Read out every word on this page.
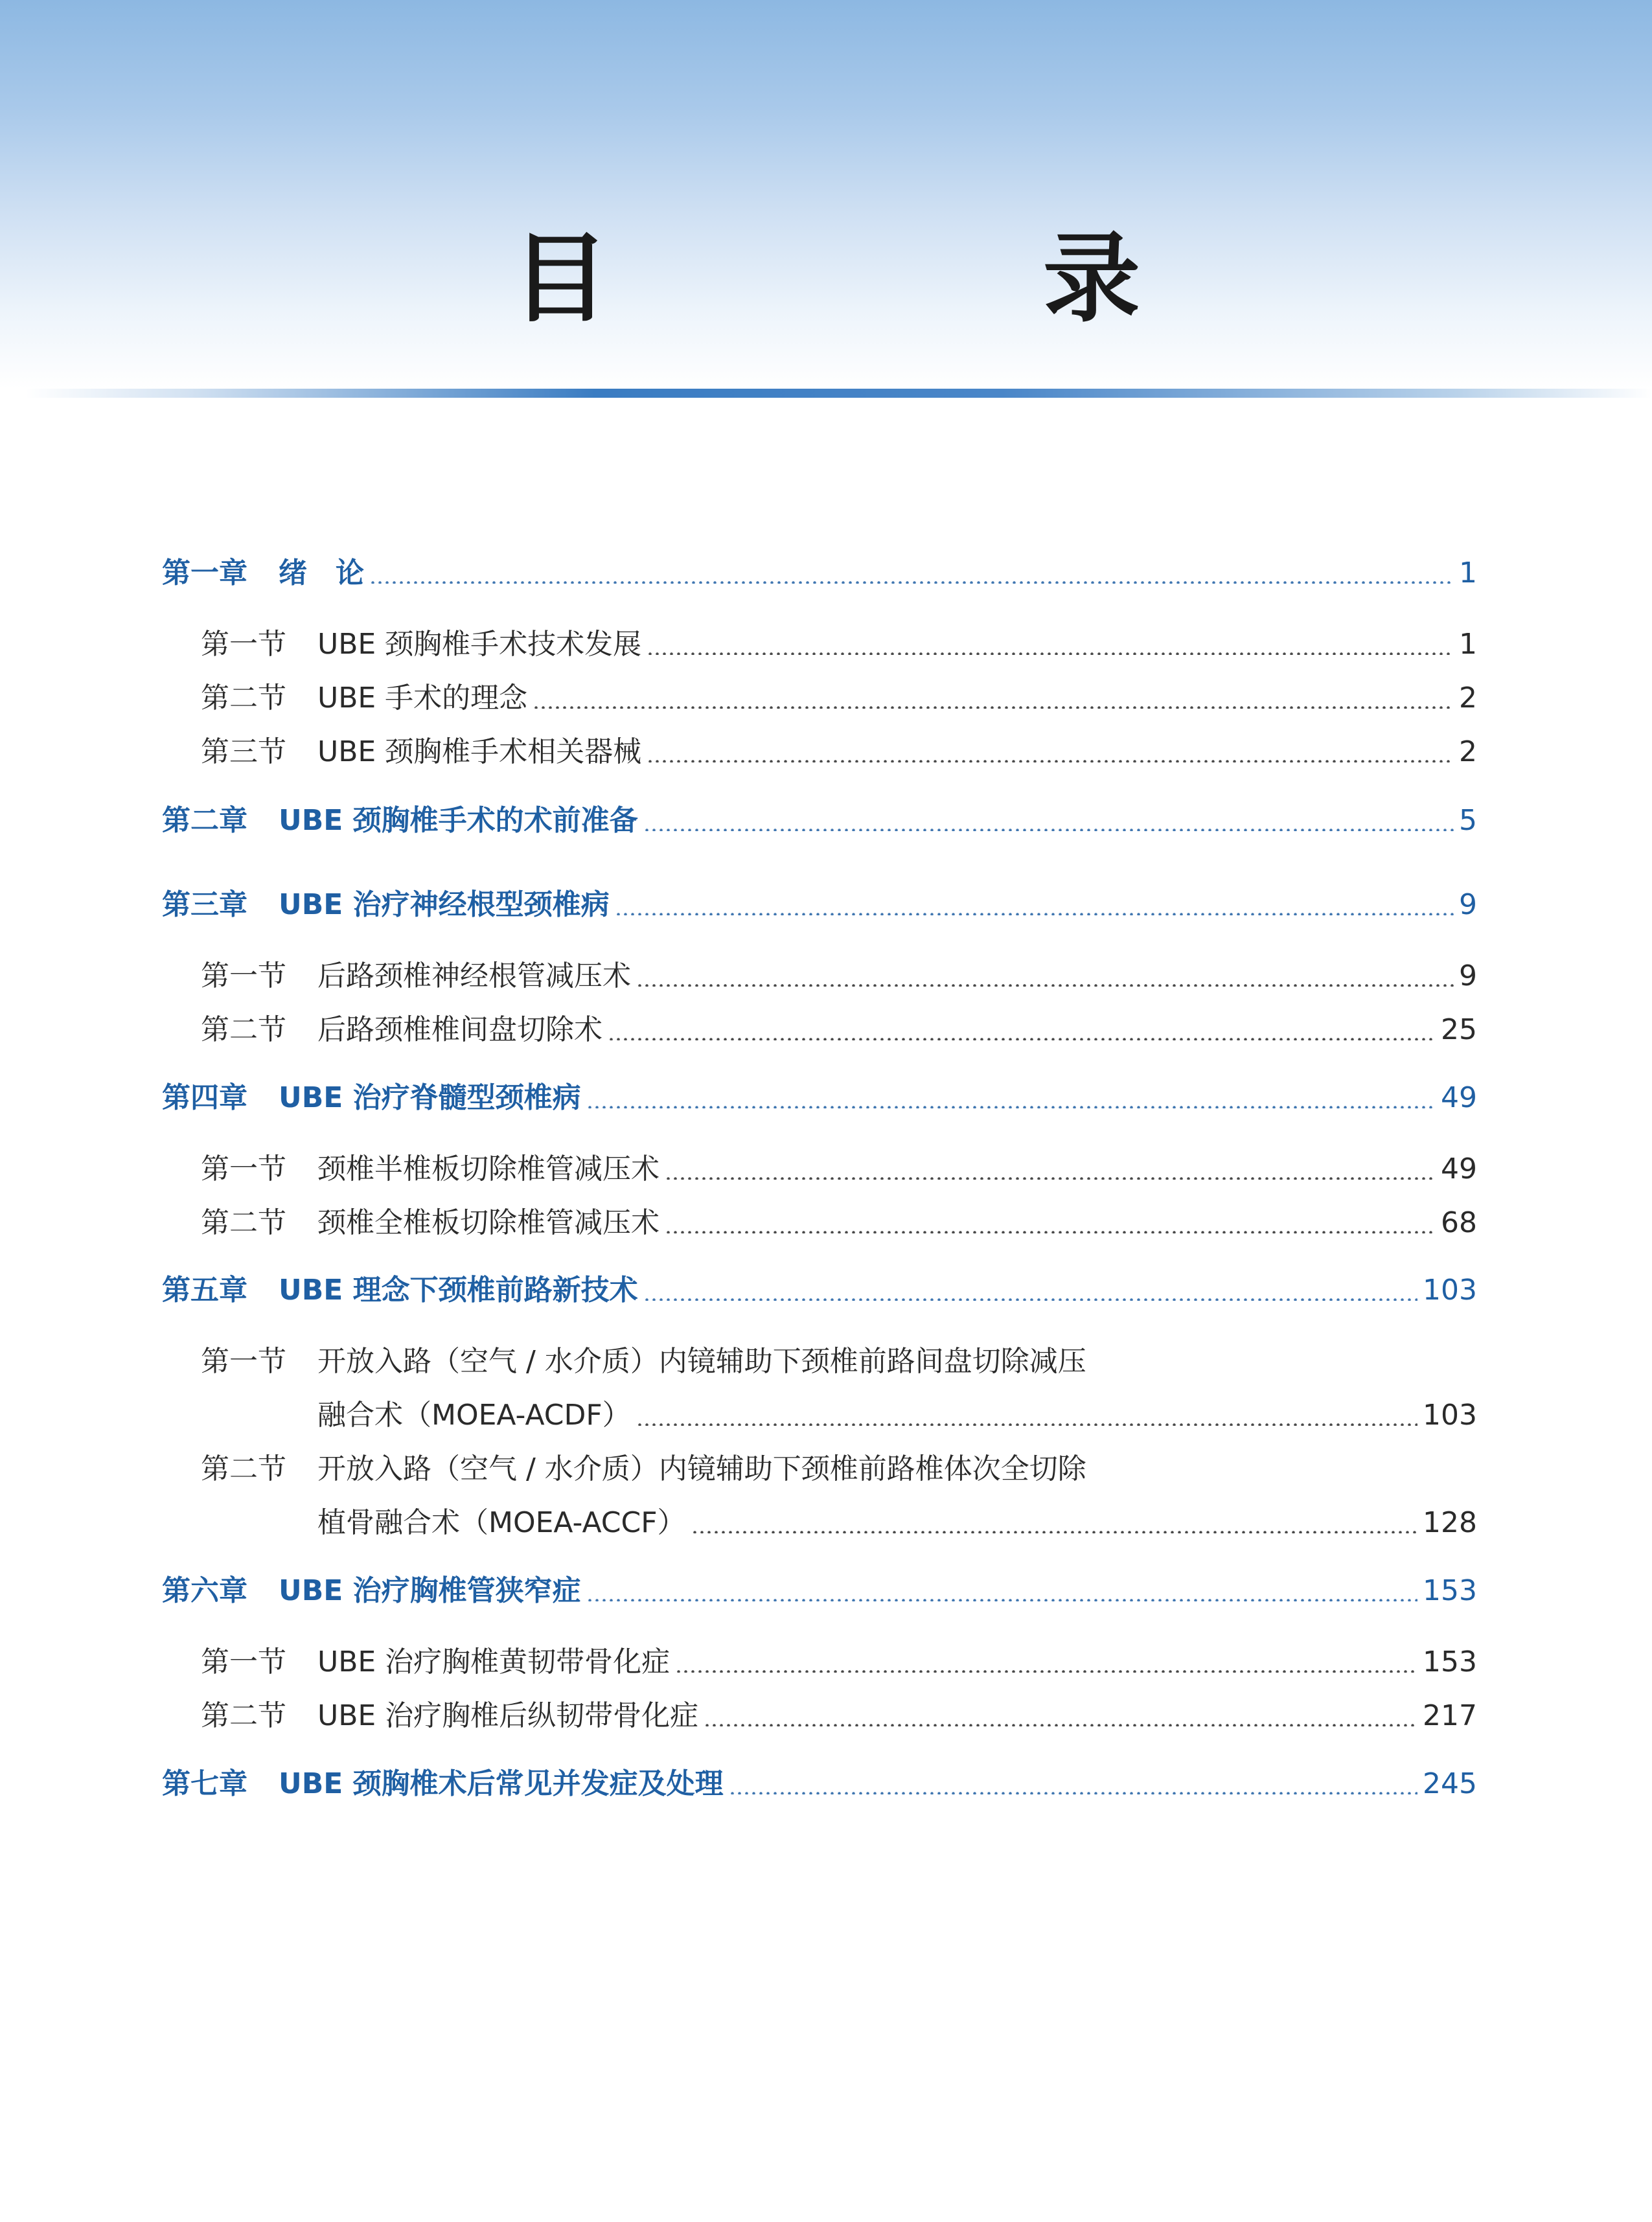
目　录
第一章	绪　论	1
第一节	UBE 颈胸椎手术技术发展	1
第二节	UBE 手术的理念	2
第三节	UBE 颈胸椎手术相关器械	2
第二章	UBE 颈胸椎手术的术前准备	5
第三章	UBE 治疗神经根型颈椎病	9
第一节	后路颈椎神经根管减压术	9
第二节	后路颈椎椎间盘切除术	25
第四章	UBE 治疗脊髓型颈椎病	49
第一节	颈椎半椎板切除椎管减压术	49
第二节	颈椎全椎板切除椎管减压术	68
第五章	UBE 理念下颈椎前路新技术	103
第一节	开放入路（空气 / 水介质）内镜辅助下颈椎前路间盘切除减压
融合术（MOEA-ACDF）	103
第二节	开放入路（空气 / 水介质）内镜辅助下颈椎前路椎体次全切除
植骨融合术（MOEA-ACCF）	128
第六章	UBE 治疗胸椎管狭窄症	153
第一节	UBE 治疗胸椎黄韧带骨化症	153
第二节	UBE 治疗胸椎后纵韧带骨化症	217
第七章	UBE 颈胸椎术后常见并发症及处理	245
